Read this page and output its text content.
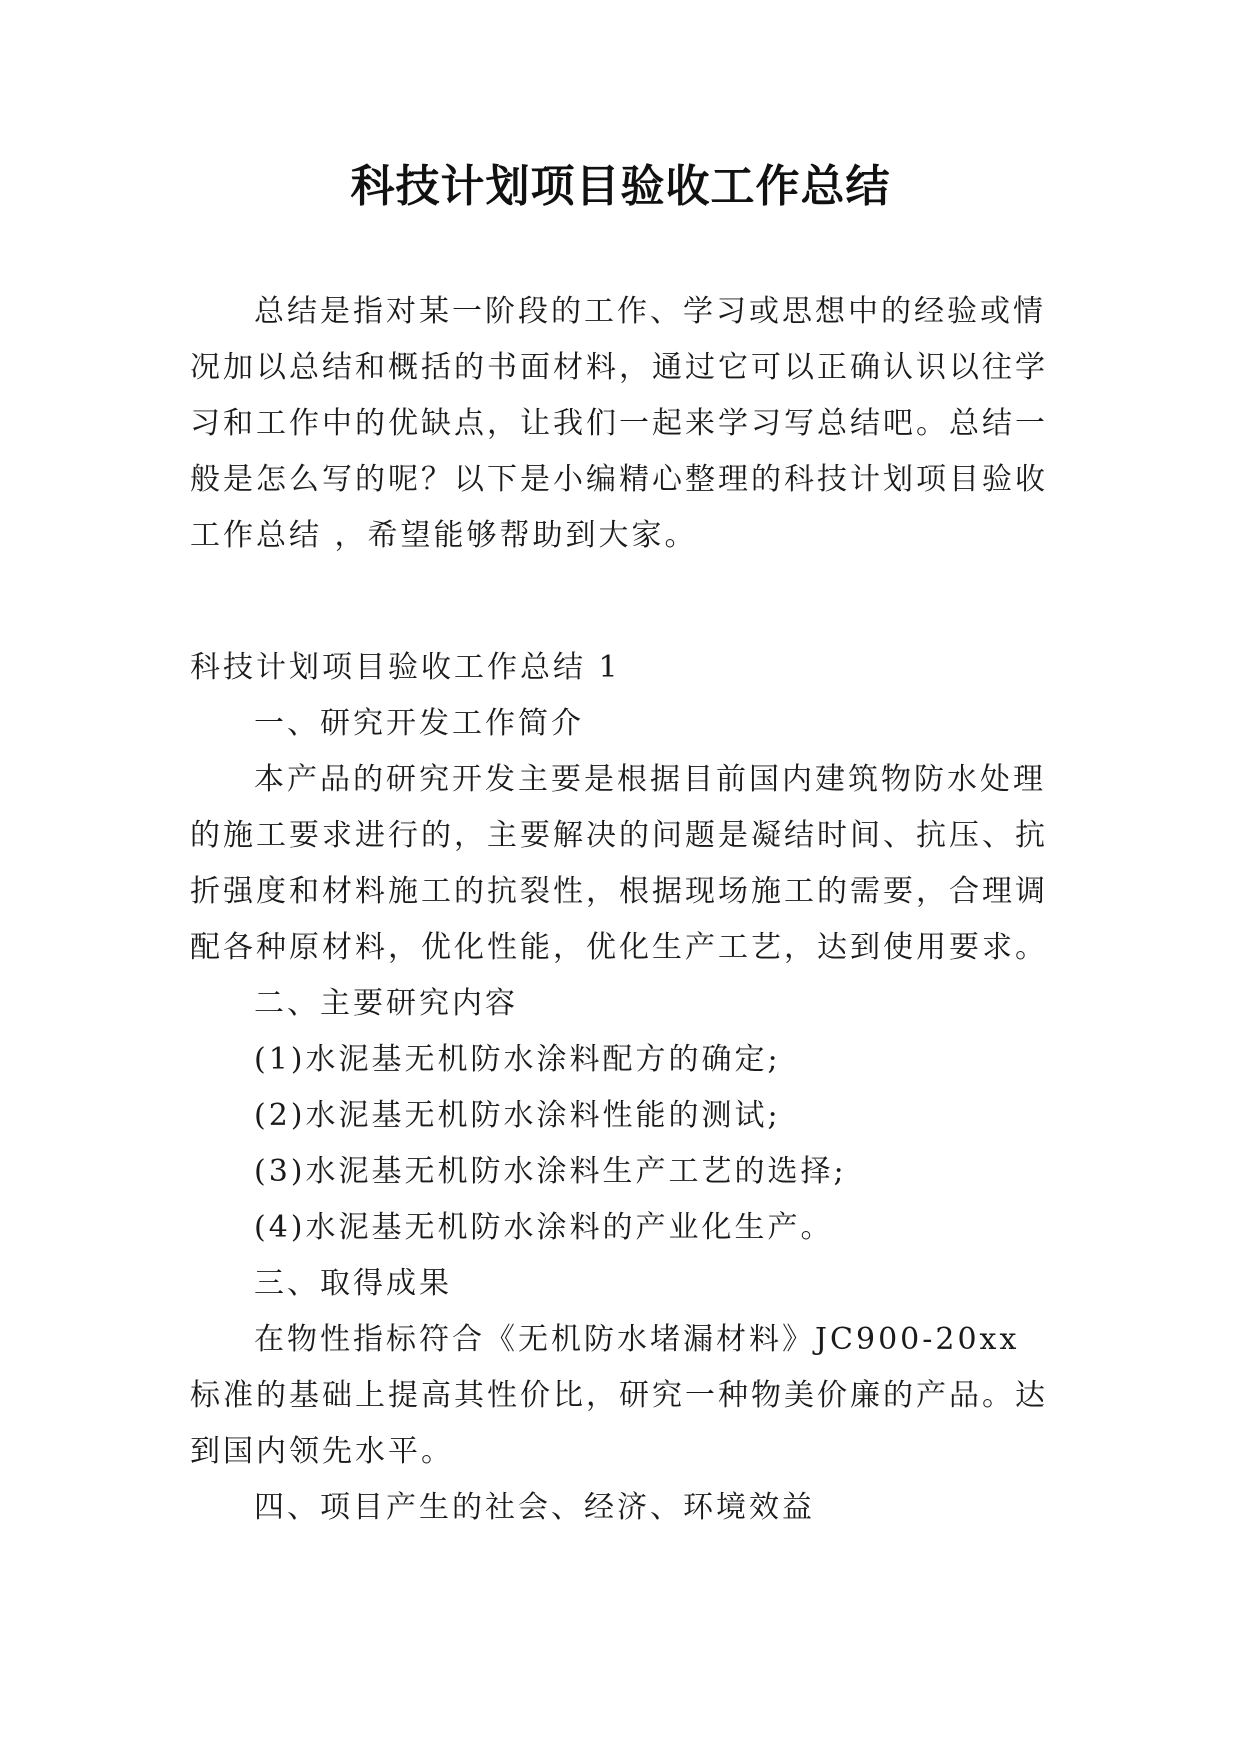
科技计划项目验收工作总结

总结是指对某一阶段的工作、学习或思想中的经验或情况加以总结和概括的书面材料，通过它可以正确认识以往学习和工作中的优缺点，让我们一起来学习写总结吧。总结一般是怎么写的呢？以下是小编精心整理的科技计划项目验收工作总结 ，希望能够帮助到大家。

科技计划项目验收工作总结 1

一、研究开发工作简介

本产品的研究开发主要是根据目前国内建筑物防水处理的施工要求进行的，主要解决的问题是凝结时间、抗压、抗折强度和材料施工的抗裂性，根据现场施工的需要，合理调配各种原材料，优化性能，优化生产工艺，达到使用要求。

二、主要研究内容

(1)水泥基无机防水涂料配方的确定;

(2)水泥基无机防水涂料性能的测试;

(3)水泥基无机防水涂料生产工艺的选择;

(4)水泥基无机防水涂料的产业化生产。

三、取得成果

在物性指标符合《无机防水堵漏材料》JC900-20xx 标准的基础上提高其性价比，研究一种物美价廉的产品。达到国内领先水平。

四、项目产生的社会、经济、环境效益
